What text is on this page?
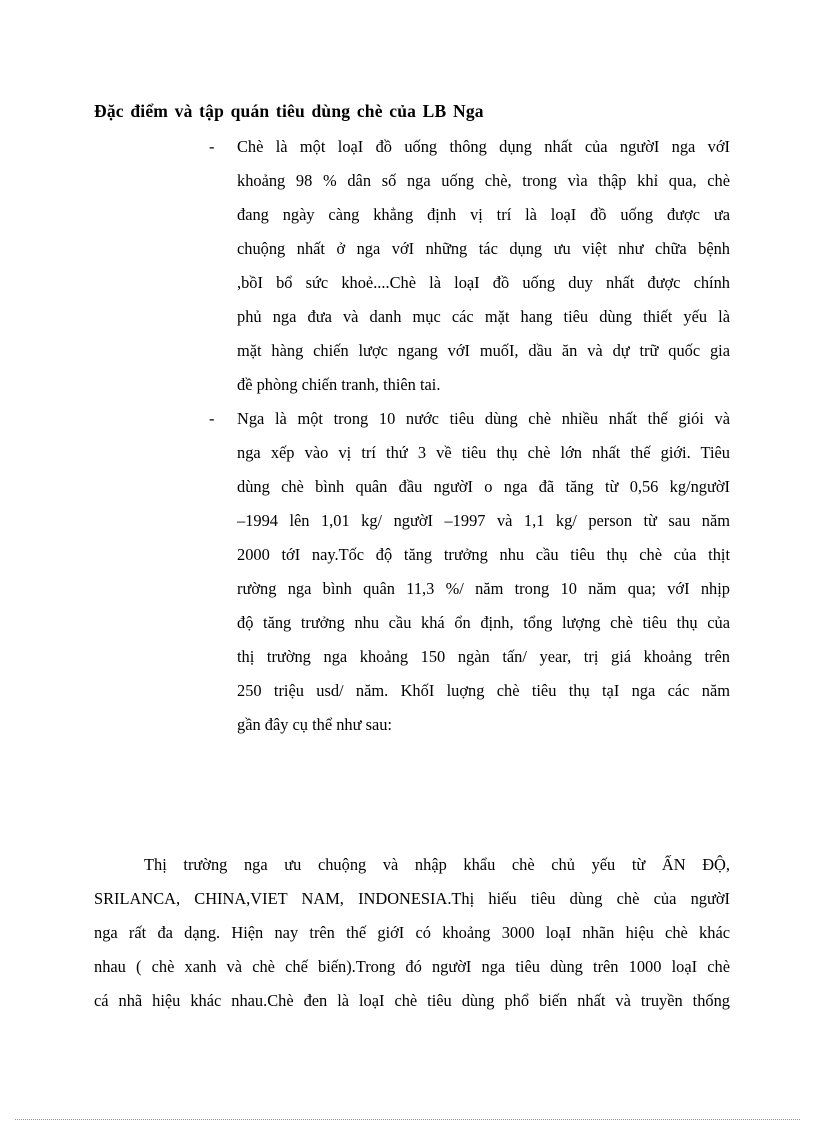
Đặc điểm và tập quán tiêu dùng chè của LB Nga
- Chè là một loạI đồ uống thông dụng nhất của ngườI nga vớI
khoảng 98 % dân số nga uống chè, trong vìa thập khỉ qua, chè
đang ngày càng khẳng định vị trí là loạI đồ uống được ưa
chuộng nhất ở nga vớI những tác dụng ưu việt như chữa bệnh
,bồI bổ sức khoẻ....Chè là loạI đồ uống duy nhất được chính
phủ nga đưa và danh mục các mặt hang tiêu dùng thiết yếu là
mặt hàng chiến lược ngang vớI muốI, dầu ăn và dự trữ quốc gia
đề phòng chiến tranh, thiên tai.
- Nga là một trong 10 nước tiêu dùng chè nhiều nhất thế giói và
nga xếp vào vị trí thứ 3 về tiêu thụ chè lớn nhất thế giới. Tiêu
dùng chè bình quân đầu ngườI o nga đã tăng từ 0,56 kg/ngườI
–1994 lên 1,01 kg/ ngườI –1997 và 1,1 kg/ person từ sau năm
2000 tớI nay.Tốc độ tăng trưởng nhu cầu tiêu thụ chè của thịt
rường nga bình quân 11,3 %/ năm trong 10 năm qua; vớI nhịp
độ tăng trưởng nhu cầu khá ổn định, tổng lượng chè tiêu thụ của
thị trường nga khoảng 150 ngàn tấn/ year, trị giá khoảng trên
250 triệu usd/ năm. KhốI luợng chè tiêu thụ tạI nga các năm
gần đây cụ thể như sau:
Thị trường nga ưu chuộng và nhập khẩu chè chủ yếu từ ẤN ĐỘ,
SRILANCA, CHINA,VIET NAM, INDONESIA.Thị hiếu tiêu dùng chè của ngườI
nga rất đa dạng. Hiện nay trên thế giớI có khoảng 3000 loạI nhãn hiệu chè khác
nhau ( chè xanh và chè chế biến).Trong đó ngườI nga tiêu dùng trên 1000 loạI chè
cá nhã hiệu khác nhau.Chè đen là loạI chè tiêu dùng phổ biến nhất và truyền thống
